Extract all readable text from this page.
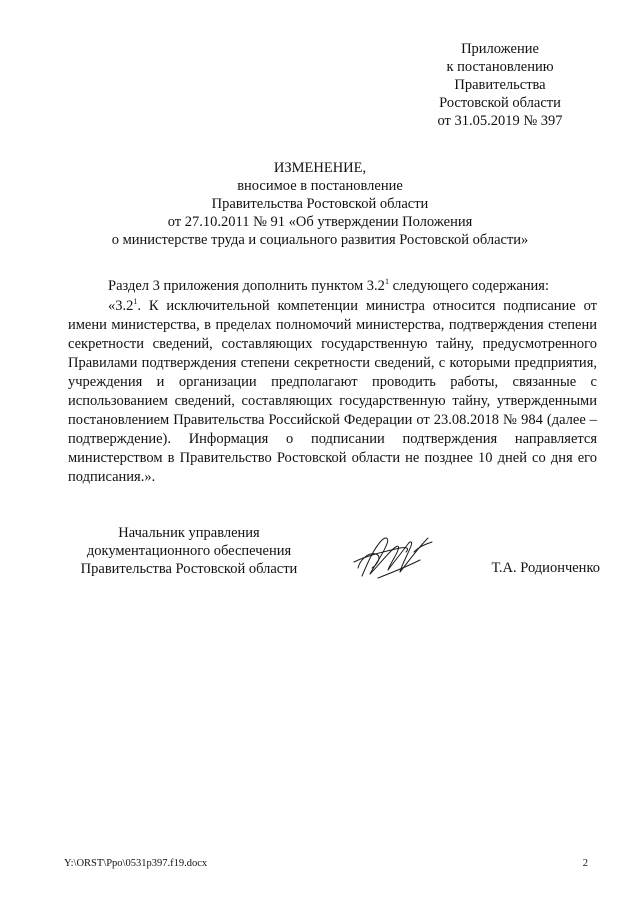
Приложение
к постановлению
Правительства
Ростовской области
от 31.05.2019 № 397
ИЗМЕНЕНИЕ,
вносимое в постановление
Правительства Ростовской области
от 27.10.2011 № 91 «Об утверждении Положения
о министерстве труда и социального развития Ростовской области»
Раздел 3 приложения дополнить пунктом $3.2^1$ следующего содержания:

«$3.2^1$. К исключительной компетенции министра относится подписание от имени министерства, в пределах полномочий министерства, подтверждения степени секретности сведений, составляющих государственную тайну, предусмотренного Правилами подтверждения степени секретности сведений, с которыми предприятия, учреждения и организации предполагают проводить работы, связанные с использованием сведений, составляющих государственную тайну, утвержденными постановлением Правительства Российской Федерации от 23.08.2018 № 984 (далее – подтверждение). Информация о подписании подтверждения направляется министерством в Правительство Ростовской области не позднее 10 дней со дня его подписания.».

Начальник управления
документационного обеспечения
Правительства Ростовской области	Т.А. Родионченко
Y:\ORST\Ppo\0531p397.f19.docx	2
